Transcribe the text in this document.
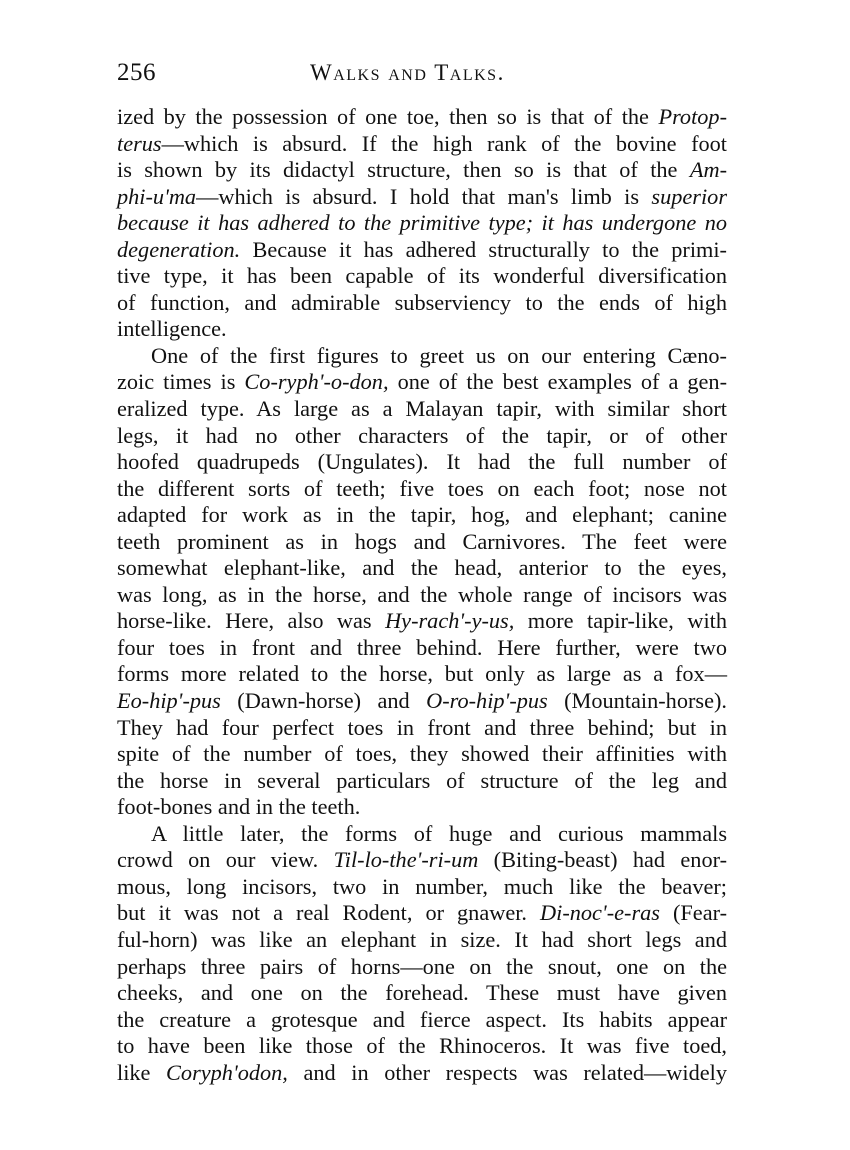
256	Walks and Talks.
ized by the possession of one toe, then so is that of the Protop-
terus—which is absurd. If the high rank of the bovine foot
is shown by its didactyl structure, then so is that of the Am-
phi-u'ma—which is absurd. I hold that man's limb is superior
because it has adhered to the primitive type; it has undergone no
degeneration. Because it has adhered structurally to the primi-
tive type, it has been capable of its wonderful diversification
of function, and admirable subserviency to the ends of high
intelligence.
One of the first figures to greet us on our entering Cæno-
zoic times is Co-ryph'-o-don, one of the best examples of a gen-
eralized type. As large as a Malayan tapir, with similar short
legs, it had no other characters of the tapir, or of other
hoofed quadrupeds (Ungulates). It had the full number of
the different sorts of teeth; five toes on each foot; nose not
adapted for work as in the tapir, hog, and elephant; canine
teeth prominent as in hogs and Carnivores. The feet were
somewhat elephant-like, and the head, anterior to the eyes,
was long, as in the horse, and the whole range of incisors was
horse-like. Here, also was Hy-rach'-y-us, more tapir-like, with
four toes in front and three behind. Here further, were two
forms more related to the horse, but only as large as a fox—
Eo-hip'-pus (Dawn-horse) and O-ro-hip'-pus (Mountain-horse).
They had four perfect toes in front and three behind; but in
spite of the number of toes, they showed their affinities with
the horse in several particulars of structure of the leg and
foot-bones and in the teeth.
A little later, the forms of huge and curious mammals
crowd on our view. Til-lo-the'-ri-um (Biting-beast) had enor-
mous, long incisors, two in number, much like the beaver;
but it was not a real Rodent, or gnawer. Di-noc'-e-ras (Fear-
ful-horn) was like an elephant in size. It had short legs and
perhaps three pairs of horns—one on the snout, one on the
cheeks, and one on the forehead. These must have given
the creature a grotesque and fierce aspect. Its habits appear
to have been like those of the Rhinoceros. It was five toed,
like Coryph'odon, and in other respects was related—widely
